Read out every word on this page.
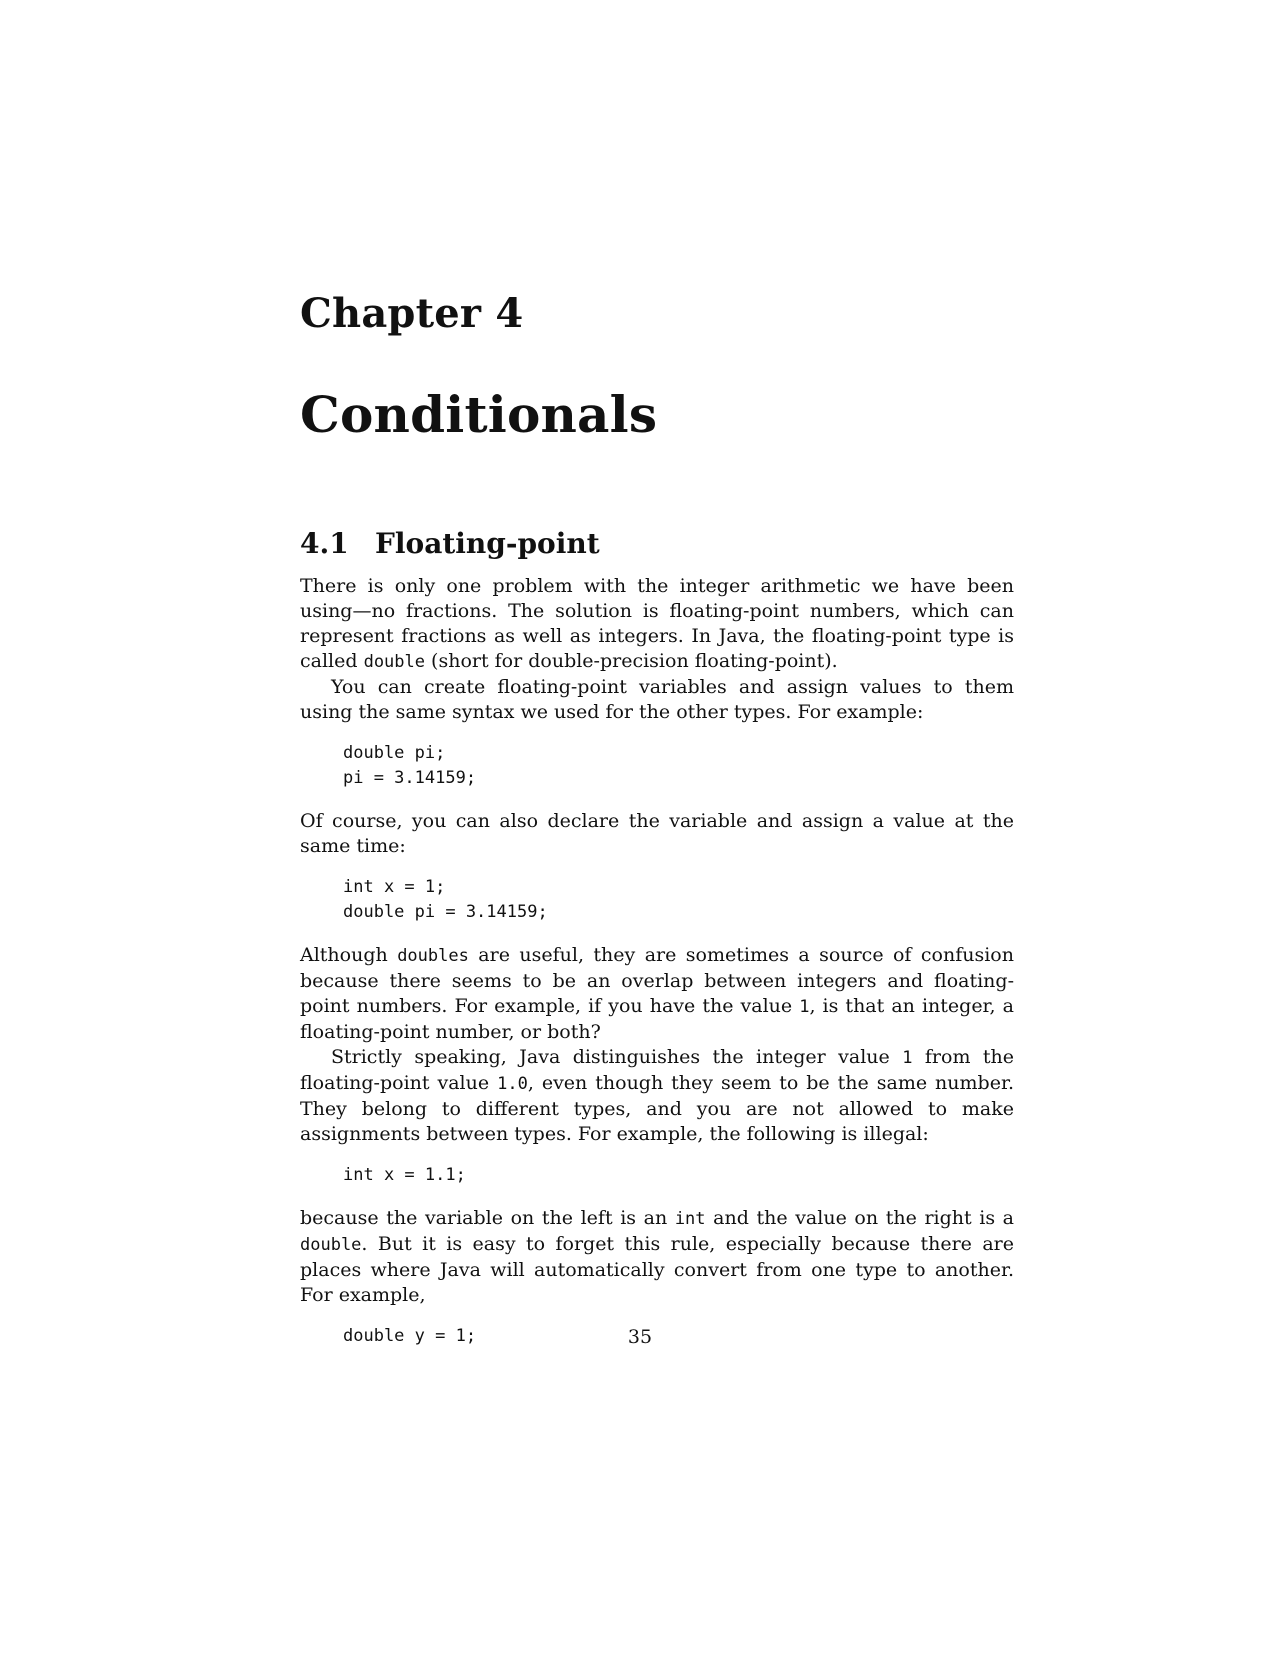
Chapter 4
Conditionals
4.1 Floating-point

There is only one problem with the integer arithmetic we have been using—no fractions. The solution is floating-point numbers, which can represent fractions as well as integers. In Java, the floating-point type is called double (short for double-precision floating-point).

You can create floating-point variables and assign values to them using the same syntax we used for the other types. For example:

double pi;
pi = 3.14159;

Of course, you can also declare the variable and assign a value at the same time:

int x = 1;
double pi = 3.14159;

Although doubles are useful, they are sometimes a source of confusion because there seems to be an overlap between integers and floating-point numbers. For example, if you have the value 1, is that an integer, a floating-point number, or both?

Strictly speaking, Java distinguishes the integer value 1 from the floating-point value 1.0, even though they seem to be the same number. They belong to different types, and you are not allowed to make assignments between types. For example, the following is illegal:

int x = 1.1;

because the variable on the left is an int and the value on the right is a double. But it is easy to forget this rule, especially because there are places where Java will automatically convert from one type to another. For example,

double y = 1;	35
